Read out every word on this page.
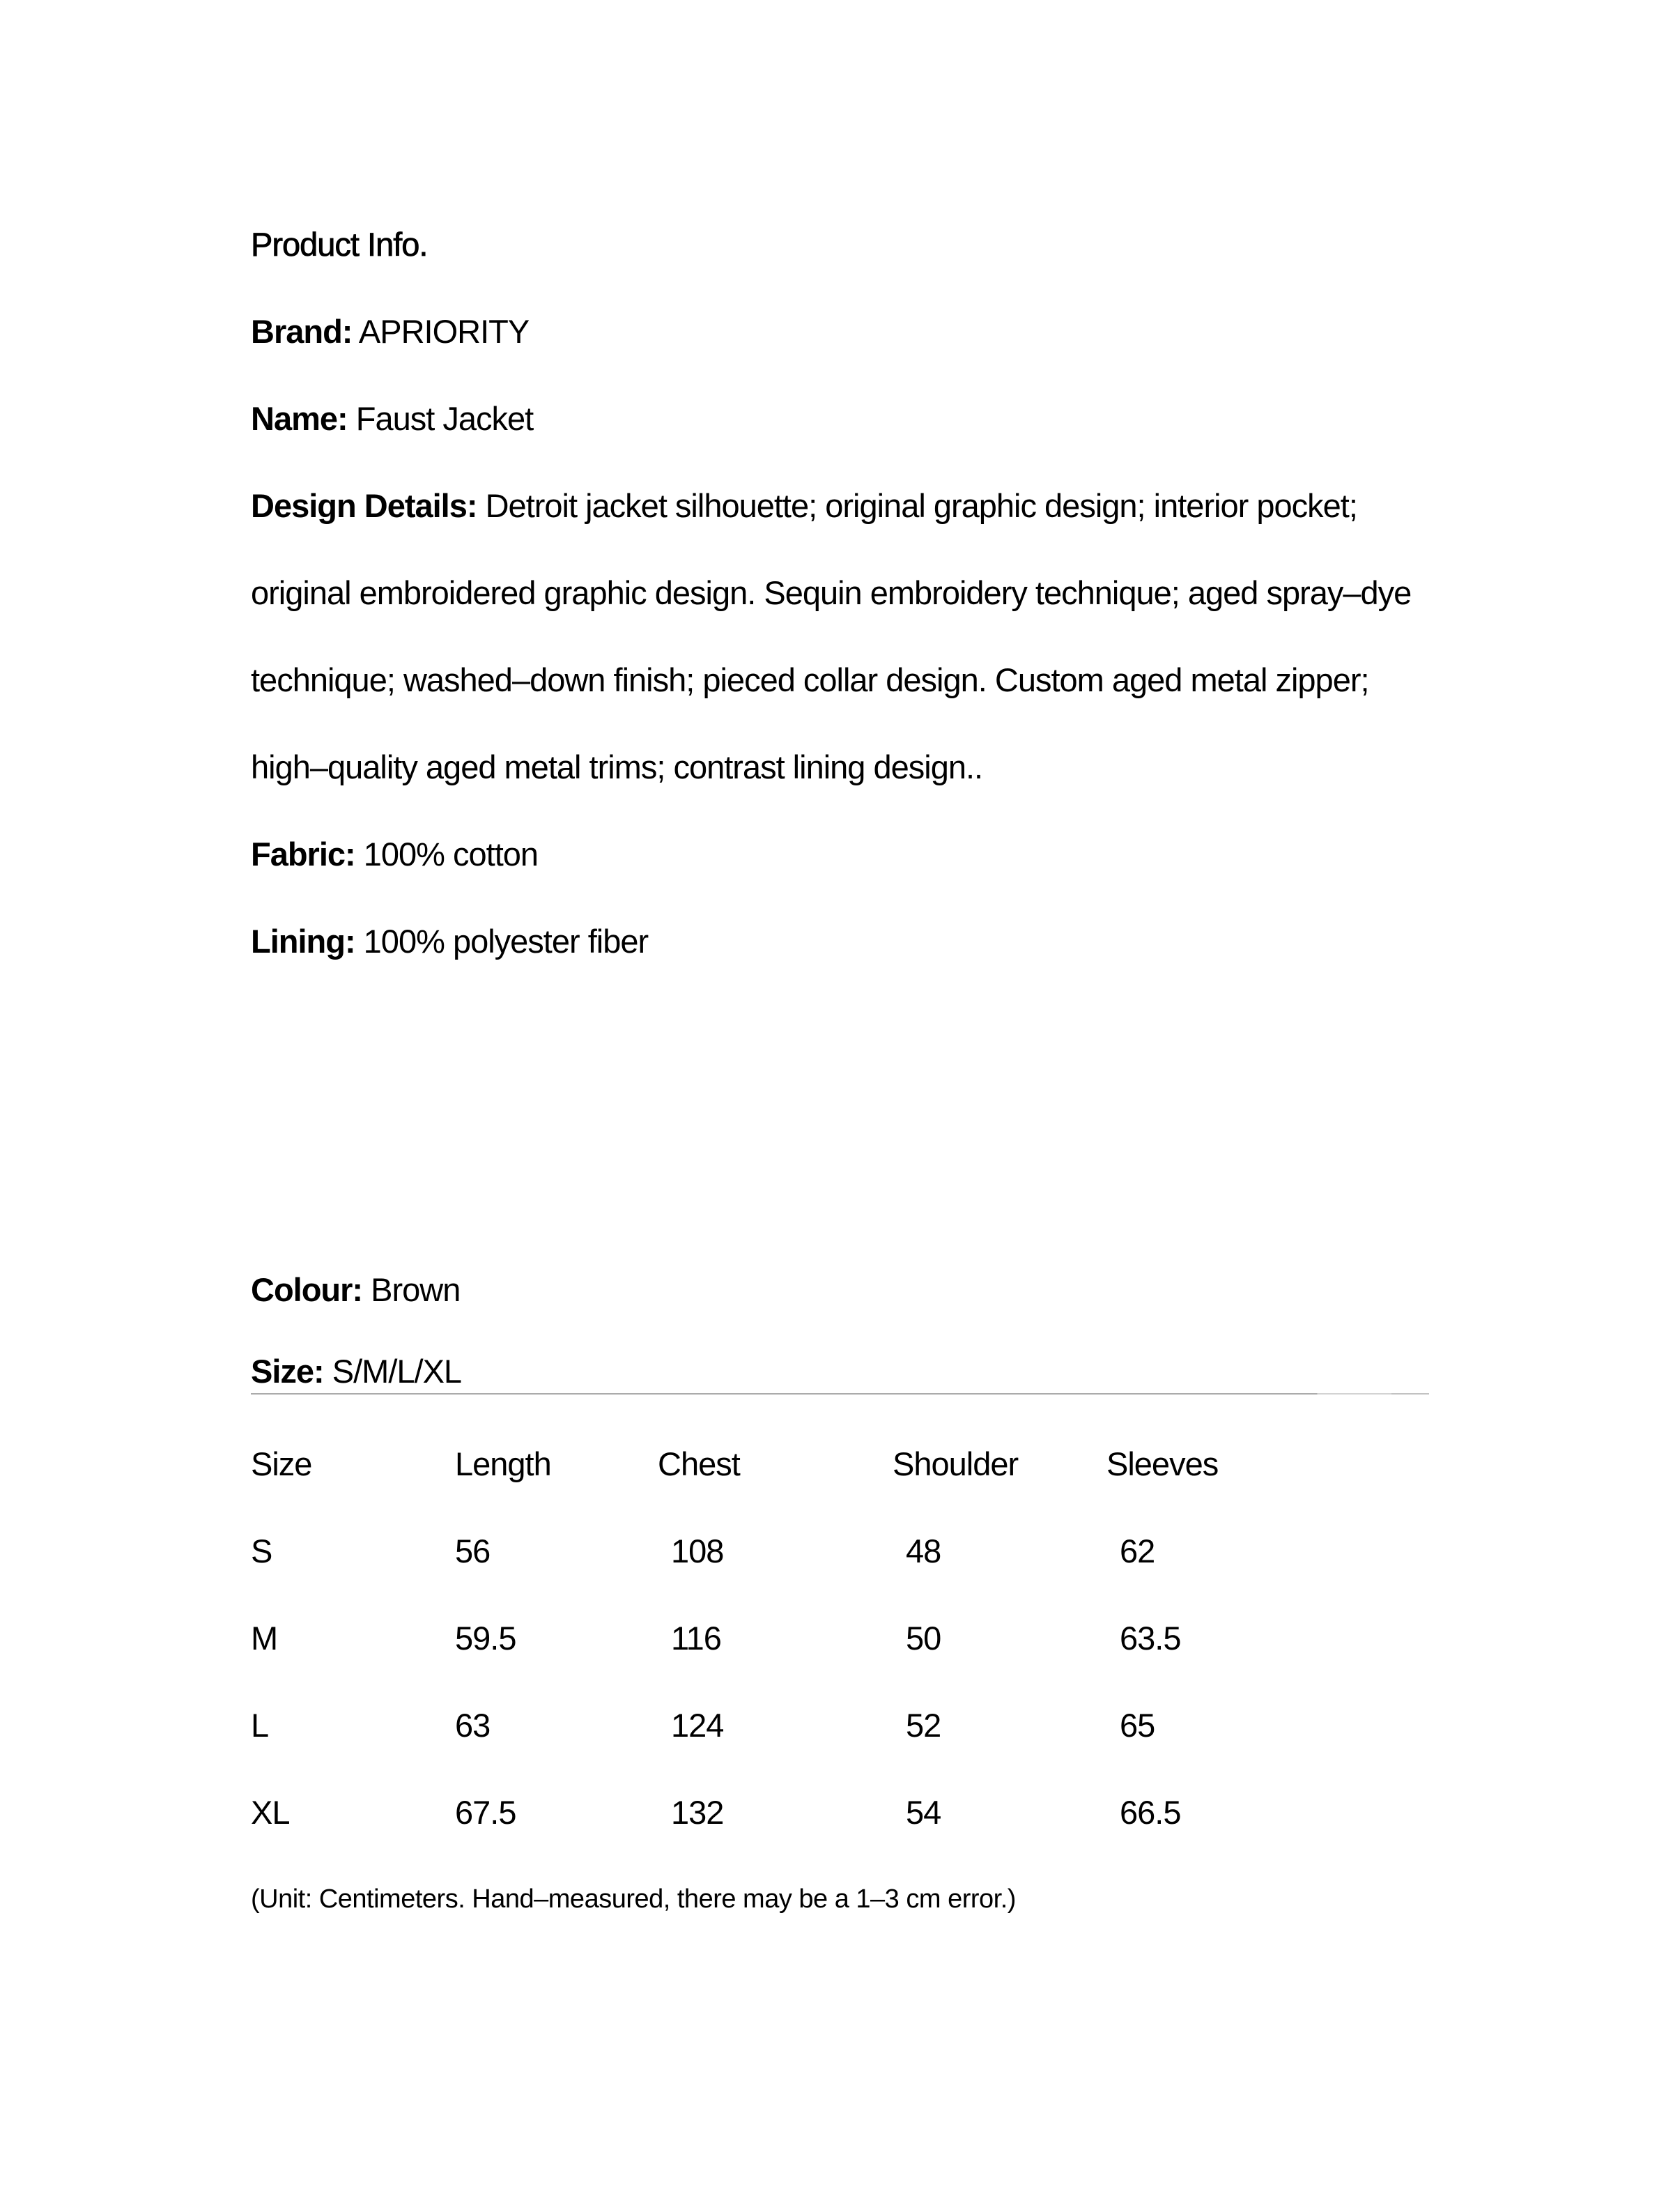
Product Info.
Brand: APRIORITY
Name: Faust Jacket
Design Details: Detroit jacket silhouette; original graphic design; interior pocket;
original embroidered graphic design. Sequin embroidery technique; aged spray–dye
technique; washed–down finish; pieced collar design. Custom aged metal zipper;
high–quality aged metal trims; contrast lining design..
Fabric: 100% cotton
Lining: 100% polyester fiber
Colour: Brown
Size: S/M/L/XL
Size	Length	Chest	Shoulder	Sleeves
S	56	108	48	62
M	59.5	116	50	63.5
L	63	124	52	65
XL	67.5	132	54	66.5
(Unit: Centimeters. Hand–measured, there may be a 1–3 cm error.)
